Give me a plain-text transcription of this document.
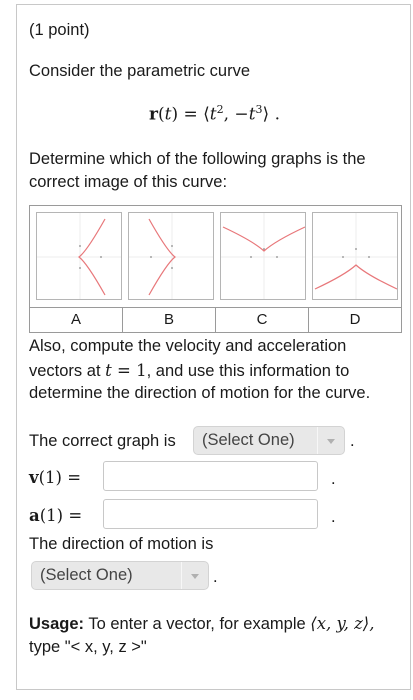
(1 point)
Consider the parametric curve
$r(t) = ⟨t^2$, $-t^3⟩$ .
Determine which of the following graphs is the
correct image of this curve:
A	B	C	D
Also, compute the velocity and acceleration
vectors at t = 1, and use this information to
determine the direction of motion for the curve.
The correct graph is	(Select One)	.
v(1) =	.
a(1) =	.
The direction of motion is
(Select One)	.
Usage: To enter a vector, for example ⟨x, y, z⟩,
type "< x, y, z >"
